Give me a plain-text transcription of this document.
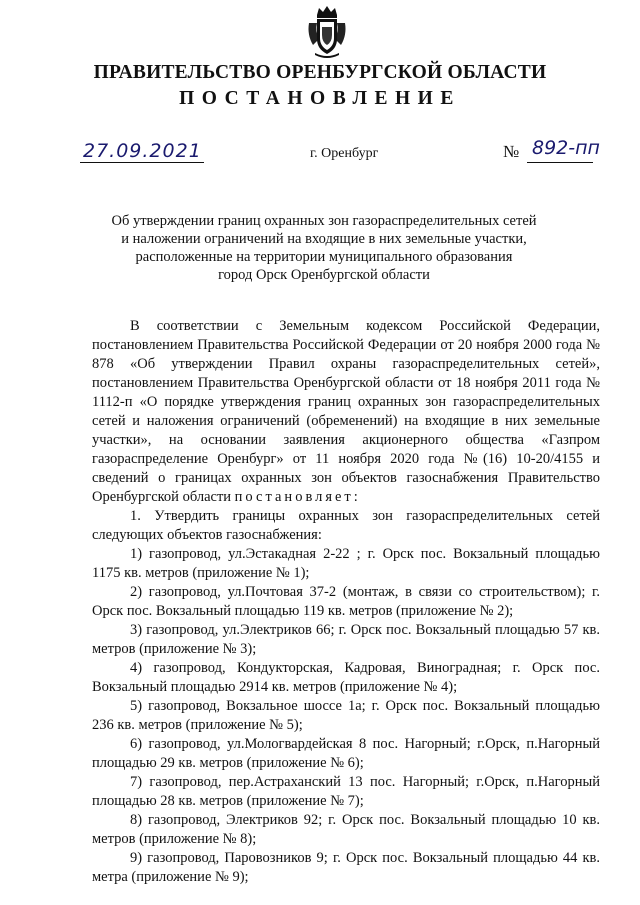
ПРАВИТЕЛЬСТВО ОРЕНБУРГСКОЙ ОБЛАСТИ
ПОСТАНОВЛЕНИЕ
27.09.2021	г. Оренбург	№ 892-пп
Об утверждении границ охранных зон газораспределительных сетей
и наложении ограничений на входящие в них земельные участки,
расположенные на территории муниципального образования
город Орск Оренбургской области

В соответствии с Земельным кодексом Российской Федерации, постановлением Правительства Российской Федерации от 20 ноября 2000 года № 878 «Об утверждении Правил охраны газораспределительных сетей», постановлением Правительства Оренбургской области от 18 ноября 2011 года № 1112-п «О порядке утверждения границ охранных зон газораспределительных сетей и наложения ограничений (обременений) на входящие в них земельные участки», на основании заявления акционерного общества «Газпром газораспределение Оренбург» от 11 ноября 2020 года №(16) 10-20/4155 и сведений о границах охранных зон объектов газоснабжения Правительство Оренбургской области постановляет:

1. Утвердить границы охранных зон газораспределительных сетей следующих объектов газоснабжения:

1) газопровод, ул.Эстакадная 2-22 ; г. Орск пос. Вокзальный площадью 1175 кв. метров (приложение № 1);

2) газопровод, ул.Почтовая 37-2 (монтаж, в связи со строительством); г. Орск пос. Вокзальный площадью 119 кв. метров (приложение № 2);

3) газопровод, ул.Электриков 66; г. Орск пос. Вокзальный площадью 57 кв. метров (приложение № 3);

4) газопровод, Кондукторская, Кадровая, Виноградная; г. Орск пос. Вокзальный площадью 2914 кв. метров (приложение № 4);

5) газопровод, Вокзальное шоссе 1а; г. Орск пос. Вокзальный площадью 236 кв. метров (приложение № 5);

6) газопровод, ул.Мологвардейская 8 пос. Нагорный; г.Орск, п.Нагорный площадью 29 кв. метров (приложение № 6);

7) газопровод, пер.Астраханский 13 пос. Нагорный; г.Орск, п.Нагорный площадью 28 кв. метров (приложение № 7);

8) газопровод, Электриков 92; г. Орск пос. Вокзальный площадью 10 кв. метров (приложение № 8);

9) газопровод, Паровозников 9; г. Орск пос. Вокзальный площадью 44 кв. метра (приложение № 9);
